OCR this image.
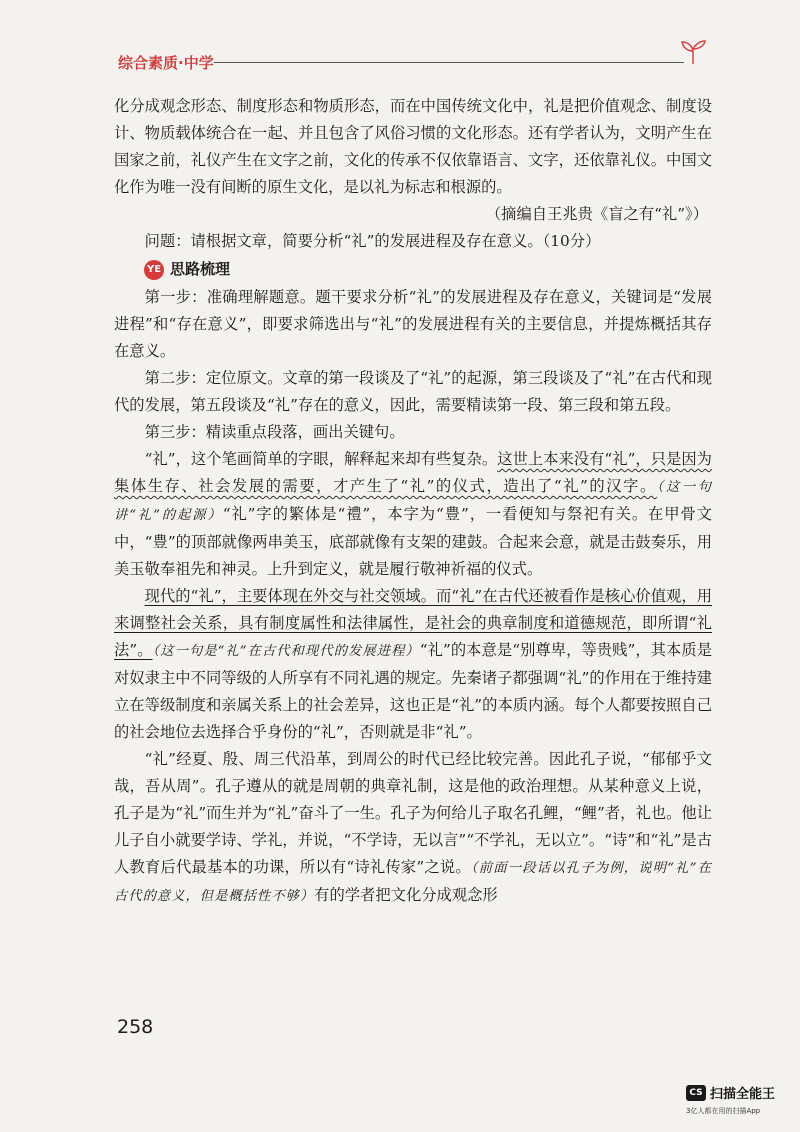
综合素质·中学

化分成观念形态、制度形态和物质形态，而在中国传统文化中，礼是把价值观念、制度设计、物质载体统合在一起、并且包含了风俗习惯的文化形态。还有学者认为，文明产生在国家之前，礼仪产生在文字之前，文化的传承不仅依靠语言、文字，还依靠礼仪。中国文化作为唯一没有间断的原生文化，是以礼为标志和根源的。

（摘编自王兆贵《盲之有“礼”》）

问题：请根据文章，简要分析“礼”的发展进程及存在意义。（10分）

YE 思路梳理

第一步：准确理解题意。题干要求分析“礼”的发展进程及存在意义，关键词是“发展进程”和“存在意义”，即要求筛选出与“礼”的发展进程有关的主要信息，并提炼概括其存在意义。

第二步：定位原文。文章的第一段谈及了“礼”的起源，第三段谈及了“礼”在古代和现代的发展，第五段谈及“礼”存在的意义，因此，需要精读第一段、第三段和第五段。

第三步：精读重点段落，画出关键句。

“礼”，这个笔画简单的字眼，解释起来却有些复杂。这世上本来没有“礼”，只是因为集体生存、社会发展的需要，才产生了“礼”的仪式，造出了“礼”的汉字。（这一句讲“礼”的起源）“礼”字的繁体是“禮”，本字为“豊”，一看便知与祭祀有关。在甲骨文中，“豊”的顶部就像两串美玉，底部就像有支架的建鼓。合起来会意，就是击鼓奏乐，用美玉敬奉祖先和神灵。上升到定义，就是履行敬神祈福的仪式。

现代的“礼”，主要体现在外交与社交领域。而“礼”在古代还被看作是核心价值观，用来调整社会关系，具有制度属性和法律属性，是社会的典章制度和道德规范，即所谓“礼法”。（这一句是“礼”在古代和现代的发展进程）“礼”的本意是“别尊卑，等贵贱”，其本质是对奴隶主中不同等级的人所享有不同礼遇的规定。先秦诸子都强调“礼”的作用在于维持建立在等级制度和亲属关系上的社会差异，这也正是“礼”的本质内涵。每个人都要按照自己的社会地位去选择合乎身份的“礼”，否则就是非“礼”。

“礼”经夏、殷、周三代沿革，到周公的时代已经比较完善。因此孔子说，“郁郁乎文哉，吾从周”。孔子遵从的就是周朝的典章礼制，这是他的政治理想。从某种意义上说，孔子是为“礼”而生并为“礼”奋斗了一生。孔子为何给儿子取名孔鲤，“鲤”者，礼也。他让儿子自小就要学诗、学礼，并说，“不学诗，无以言”“不学礼，无以立”。“诗”和“礼”是古人教育后代最基本的功课，所以有“诗礼传家”之说。（前面一段话以孔子为例，说明“礼”在古代的意义，但是概括性不够）有的学者把文化分成观念形

258
CS 扫描全能王
3亿人都在用的扫描App
